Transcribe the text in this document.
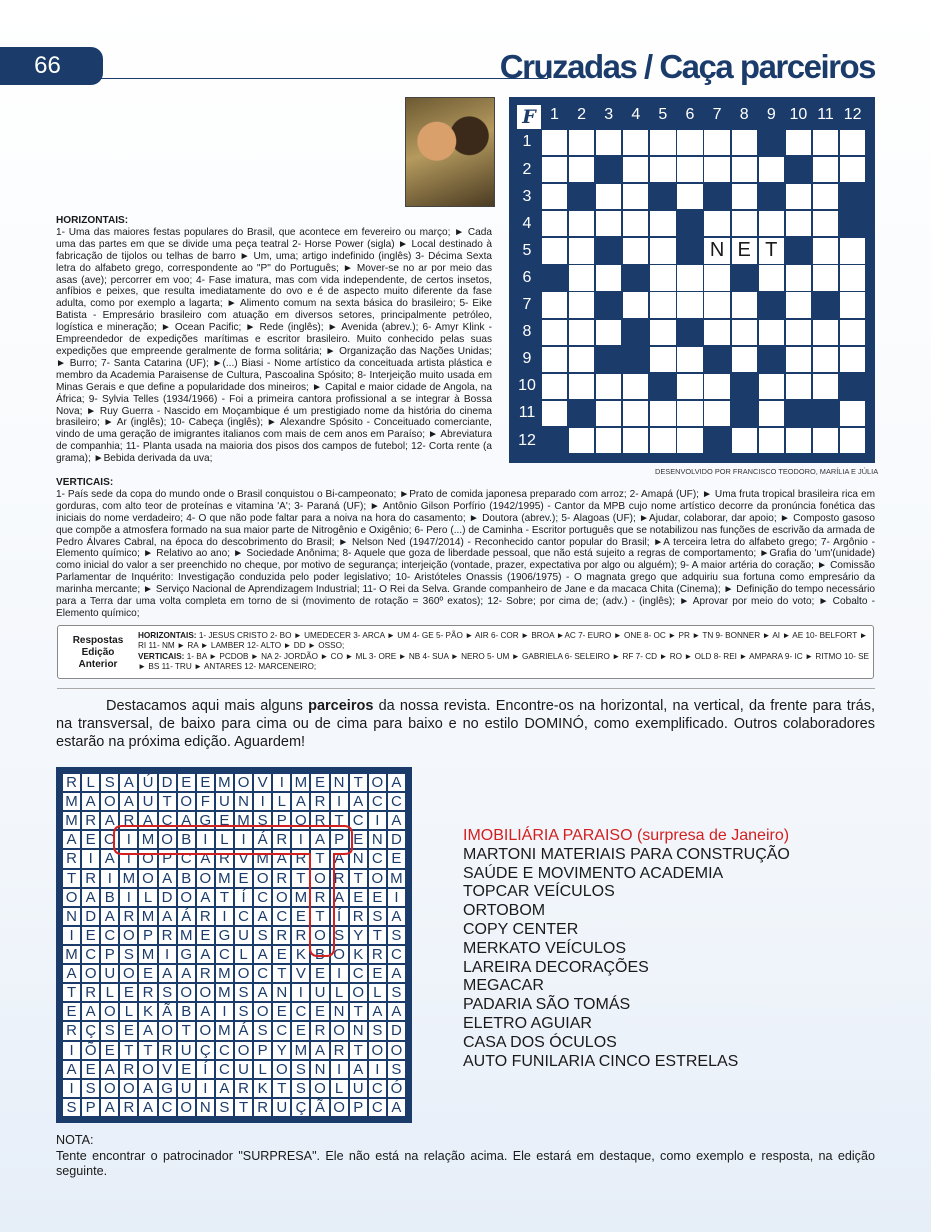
66	Cruzadas / Caça parceiros
HORIZONTAIS:
1- Uma das maiores festas populares do Brasil, que acontece em fevereiro ou março; ► Cada uma das partes em que se divide uma peça teatral 2- Horse Power (sigla) ► Local destinado à fabricação de tijolos ou telhas de barro ► Um, uma; artigo indefinido (inglês) 3- Décima Sexta letra do alfabeto grego, correspondente ao "P" do Português; ► Mover-se no ar por meio das asas (ave); percorrer em voo; 4- Fase imatura, mas com vida independente, de certos insetos, anfíbios e peixes, que resulta imediatamente do ovo e é de aspecto muito diferente da fase adulta, como por exemplo a lagarta; ► Alimento comum na sexta básica do brasileiro; 5- Eike Batista - Empresário brasileiro com atuação em diversos setores, principalmente petróleo, logística e mineração; ► Ocean Pacific; ► Rede (inglês); ► Avenida (abrev.); 6- Amyr Klink - Empreendedor de expedições marítimas e escritor brasileiro. Muito conhecido pelas suas expedições que empreende geralmente de forma solitária; ► Organização das Nações Unidas; ► Burro; 7- Santa Catarina (UF); ►(...) Biasi - Nome artístico da conceituada artista plástica e membro da Academia Paraisense de Cultura, Pascoalina Spósito; 8- Interjeição muito usada em Minas Gerais e que define a popularidade dos mineiros; ► Capital e maior cidade de Angola, na África; 9- Sylvia Telles (1934/1966) - Foi a primeira cantora profissional a se integrar à Bossa Nova; ► Ruy Guerra - Nascido em Moçambique é um prestigiado nome da história do cinema brasileiro; ► Ar (inglês); 10- Cabeça (inglês); ► Alexandre Spósito - Conceituado comerciante, vindo de uma geração de imigrantes italianos com mais de cem anos em Paraíso; ► Abreviatura de companhia; 11- Planta usada na maioria dos pisos dos campos de futebol; 12- Corta rente (a grama); ►Bebida derivada da uva;
F 1	2	3	4	5	6	7	8	9 10 11 12
1
2
3
4
5
6
7
8
9
10
11
12
N E T
DESENVOLVIDO POR FRANCISCO TEODORO, MARÍLIA E JÚLIA
VERTICAIS:
1- País sede da copa do mundo onde o Brasil conquistou o Bi-campeonato; ►Prato de comida japonesa preparado com arroz; 2- Amapá (UF); ► Uma fruta tropical brasileira rica em gorduras, com alto teor de proteínas e vitamina 'A'; 3- Paraná (UF); ► Antônio Gilson Porfírio (1942/1995) - Cantor da MPB cujo nome artístico decorre da pronúncia fonética das iniciais do nome verdadeiro; 4- O que não pode faltar para a noiva na hora do casamento; ► Doutora (abrev.); 5- Alagoas (UF); ►Ajudar, colaborar, dar apoio; ► Composto gasoso que compõe a atmosfera formado na sua maior parte de Nitrogênio e Oxigênio; 6- Pero (...) de Caminha - Escritor português que se notabilizou nas funções de escrivão da armada de Pedro Álvares Cabral, na época do descobrimento do Brasil; ► Nelson Ned (1947/2014) - Reconhecido cantor popular do Brasil; ►A terceira letra do alfabeto grego; 7- Argônio - Elemento químico; ► Relativo ao ano; ► Sociedade Anônima; 8- Aquele que goza de liberdade pessoal, que não está sujeito a regras de comportamento; ►Grafia do 'um'(unidade) como inicial do valor a ser preenchido no cheque, por motivo de segurança; interjeição (vontade, prazer, expectativa por algo ou alguém); 9- A maior artéria do coração; ► Comissão Parlamentar de Inquérito: Investigação conduzida pelo poder legislativo; 10- Aristóteles Onassis (1906/1975) - O magnata grego que adquiriu sua fortuna como empresário da marinha mercante; ► Serviço Nacional de Aprendizagem Industrial; 11- O Rei da Selva. Grande companheiro de Jane e da macaca Chita (Cinema); ► Definição do tempo necessário para a Terra dar uma volta completa em torno de si (movimento de rotação = 360º exatos); 12- Sobre; por cima de; (adv.) - (inglês); ► Aprovar por meio do voto; ► Cobalto - Elemento químico;
Respostas Edição Anterior
HORIZONTAIS: 1- JESUS CRISTO 2- BO ► UMEDECER 3- ARCA ► UM 4- GE 5- PÃO ► AIR 6- COR ► BROA ►AC 7- EURO ► ONE 8- OC ► PR ► TN 9- BONNER ► AI ► AE 10- BELFORT ► RI 11- NM ► RA ► LAMBER 12- ALTO ► DD ► OSSO;
VERTICAIS: 1- BA ► PCDOB ► NA 2- JORDÃO ► CO ► ML 3- ORE ► NB 4- SUA ► NERO 5- UM ► GABRIELA 6- SELEIRO ► RF 7- CD ► RO ► OLD 8- REI ► AMPARA 9- IC ► RITMO 10- SE ► BS 11- TRU ► ANTARES 12- MARCENEIRO;
Destacamos aqui mais alguns parceiros da nossa revista. Encontre-os na horizontal, na vertical, da frente para trás, na transversal, de baixo para cima ou de cima para baixo e no estilo DOMINÓ, como exemplificado. Outros colaboradores estarão na próxima edição. Aguardem!
R L S A Ú D E E M O V I M E N T O A
M A O A U T O F U N I L A R I A C C
M R A R A C A G E M S P O R T C I A
A E O I M O B I L I Á R I A P E N D
R I A T O P C A R V M A R T A N C E
T R I M O A B O M E O R T O R T O M
O A B I L D O A T Í C O M R A E E I
N D A R M A Á R I C A C E T Í R S A
I E C O P R M E G U S R R O S Y T S
M C P S M I G A C L A E K B O K R C
A O U O E A A R M O C T V E I C E A
T R L E R S O O M S A N I U L O L S
E A O L K Ã B A I S O E C E N T A A
R Ç S E A O T O M Á S C E R O N S D
I Õ E T T R U Ç C O P Y M A R T O O
A E A R O V E Í C U L O S N I A I S
I S O O A G U I A R K T S O L U C Ó
S P A R A C O N S T R U Ç Ã O P C A
IMOBILIÁRIA PARAISO (surpresa de Janeiro)
MARTONI MATERIAIS PARA CONSTRUÇÃO
SAÚDE E MOVIMENTO ACADEMIA
TOPCAR VEÍCULOS
ORTOBOM
COPY CENTER
MERKATO VEÍCULOS
LAREIRA DECORAÇÕES
MEGACAR
PADARIA SÃO TOMÁS
ELETRO AGUIAR
CASA DOS ÓCULOS
AUTO FUNILARIA CINCO ESTRELAS
NOTA:
Tente encontrar o patrocinador "SURPRESA". Ele não está na relação acima. Ele estará em destaque, como exemplo e resposta, na edição seguinte.
